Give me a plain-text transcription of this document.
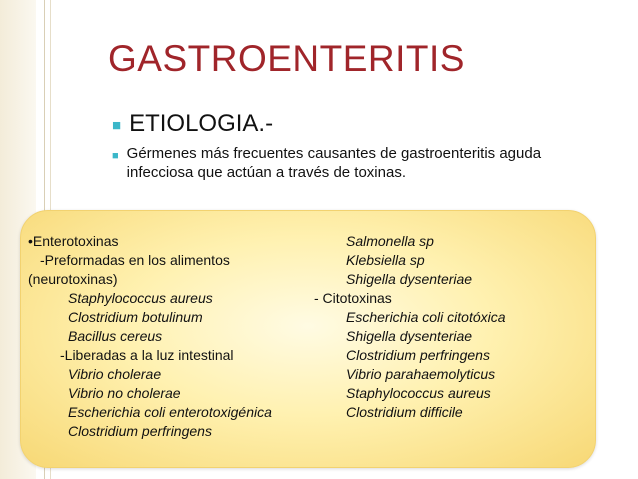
GASTROENTERITIS
■ ETIOLOGIA.-
■ Gérmenes más frecuentes causantes de gastroenteritis aguda infecciosa que actúan a través de toxinas.
•Enterotoxinas
-Preformadas en los alimentos
(neurotoxinas)
Staphylococcus aureus
Clostridium botulinum
Bacillus cereus
-Liberadas a la luz intestinal
Vibrio cholerae
Vibrio no cholerae
Escherichia coli enterotoxigénica
Clostridium perfringens
Salmonella sp
Klebsiella sp
Shigella dysenteriae
- Citotoxinas
Escherichia coli citotóxica
Shigella dysenteriae
Clostridium perfringens
Vibrio parahaemolyticus
Staphylococcus aureus
Clostridium difficile
